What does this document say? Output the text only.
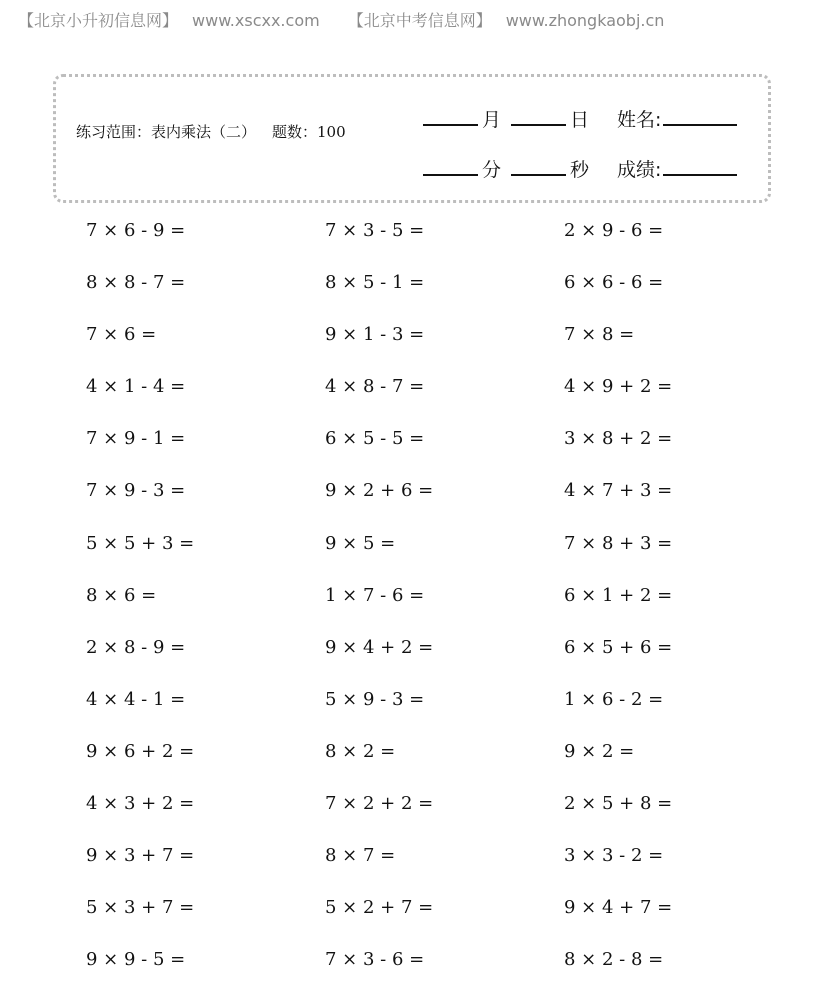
【北京小升初信息网】 www.xscxx.com 【北京中考信息网】 www.zhongkaobj.cn
练习范围：表内乘法（二） 题数：100
月	日 姓名:
分	秒 成绩:
7 × 6 - 9 =	7 × 3 - 5 =	2 × 9 - 6 =
8 × 8 - 7 =	8 × 5 - 1 =	6 × 6 - 6 =
7 × 6 =	9 × 1 - 3 =	7 × 8 =
4 × 1 - 4 =	4 × 8 - 7 =	4 × 9 + 2 =
7 × 9 - 1 =	6 × 5 - 5 =	3 × 8 + 2 =
7 × 9 - 3 =	9 × 2 + 6 =	4 × 7 + 3 =
5 × 5 + 3 =	9 × 5 =	7 × 8 + 3 =
8 × 6 =	1 × 7 - 6 =	6 × 1 + 2 =
2 × 8 - 9 =	9 × 4 + 2 =	6 × 5 + 6 =
4 × 4 - 1 =	5 × 9 - 3 =	1 × 6 - 2 =
9 × 6 + 2 =	8 × 2 =	9 × 2 =
4 × 3 + 2 =	7 × 2 + 2 =	2 × 5 + 8 =
9 × 3 + 7 =	8 × 7 =	3 × 3 - 2 =
5 × 3 + 7 =	5 × 2 + 7 =	9 × 4 + 7 =
9 × 9 - 5 =	7 × 3 - 6 =	8 × 2 - 8 =
